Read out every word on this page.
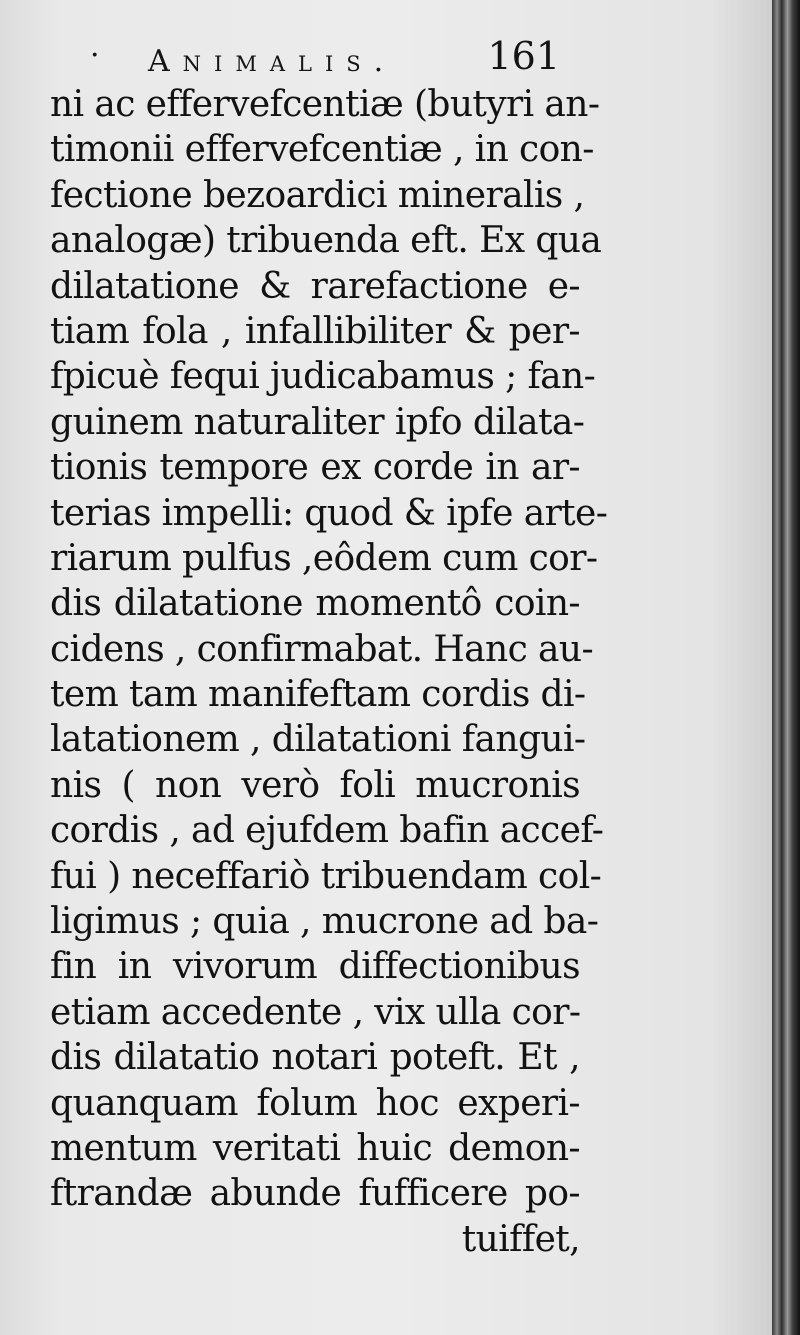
· Animalis. 161
ni ac effervefcentiæ (butyri an-
timonii effervefcentiæ , in con-
fectione bezoardici mineralis ,
analogæ) tribuenda eft. Ex qua
dilatatione & rarefactione e-
tiam fola , infallibiliter & per-
fpicuè fequi judicabamus ; fan-
guinem naturaliter ipfo dilata-
tionis tempore ex corde in ar-
terias impelli: quod & ipfe arte-
riarum pulfus ,eôdem cum cor-
dis dilatatione momentô coin-
cidens , confirmabat. Hanc au-
tem tam manifeftam cordis di-
latationem , dilatationi fangui-
nis ( non verò foli mucronis
cordis , ad ejufdem bafin accef-
fui ) neceffariò tribuendam col-
ligimus ; quia , mucrone ad ba-
fin in vivorum diffectionibus
etiam accedente , vix ulla cor-
dis dilatatio notari poteft. Et ,
quanquam folum hoc experi-
mentum veritati huic demon-
ftrandæ abunde fufficere po-
tuiffet,
